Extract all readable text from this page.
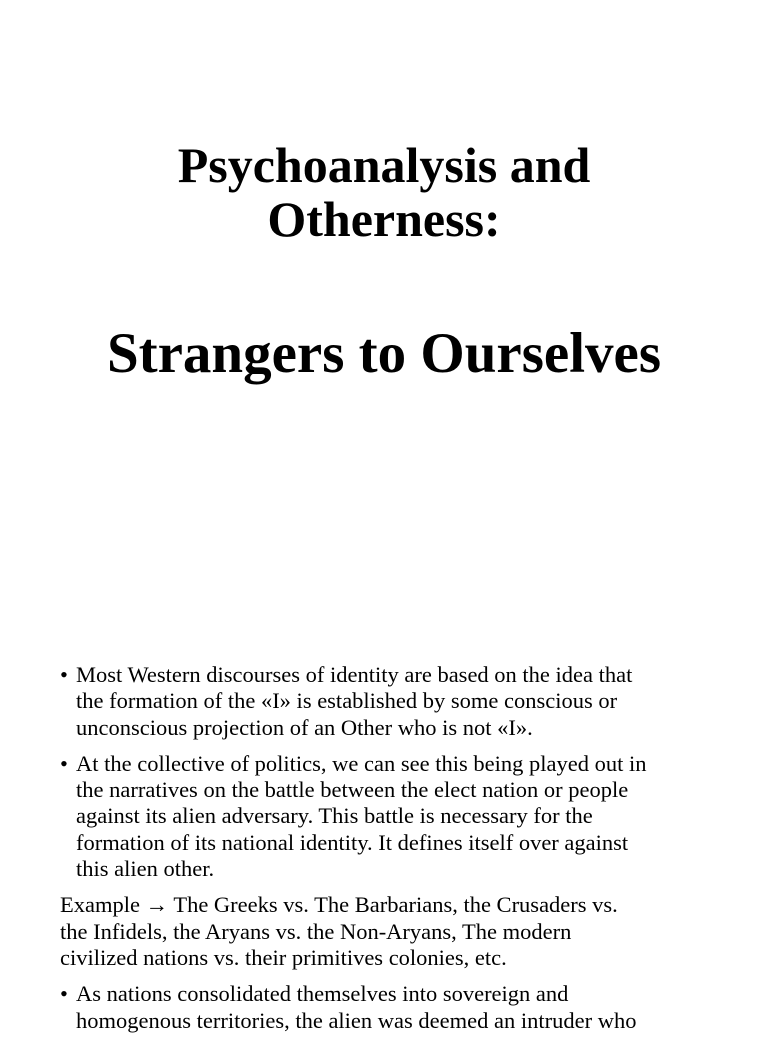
Psychoanalysis and
Otherness:
Strangers to Ourselves
• Most Western discourses of identity are based on the idea that
the formation of the «I» is established by some conscious or
unconscious projection of an Other who is not «I».
• At the collective of politics, we can see this being played out in
the narratives on the battle between the elect nation or people
against its alien adversary. This battle is necessary for the
formation of its national identity. It defines itself over against
this alien other.
Example → The Greeks vs. The Barbarians, the Crusaders vs.
the Infidels, the Aryans vs. the Non-Aryans, The modern
civilized nations vs. their primitives colonies, etc.
• As nations consolidated themselves into sovereign and
homogenous territories, the alien was deemed an intruder who
